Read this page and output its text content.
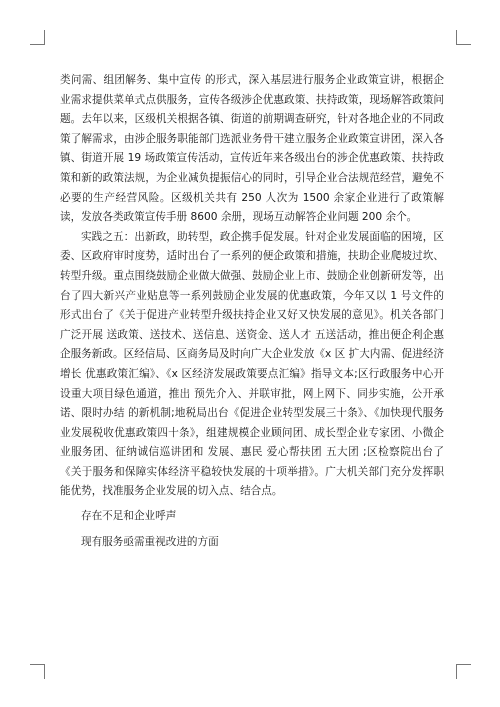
类问需、组团解务、集中宣传 的形式，深入基层进行服务企业政策宣讲，根据企业需求提供菜单式点供服务，宣传各级涉企优惠政策、扶持政策，现场解答政策问题。去年以来，区级机关根据各镇、街道的前期调查研究，针对各地企业的不同政策了解需求，由涉企服务职能部门选派业务骨干建立服务企业政策宣讲团，深入各镇、街道开展 19 场政策宣传活动，宣传近年来各级出台的涉企优惠政策、扶持政策和新的政策法规，为企业减负提振信心的同时，引导企业合法规范经营，避免不必要的生产经营风险。区级机关共有 250 人次为 1500 余家企业进行了政策解读，发放各类政策宣传手册 8600 余册，现场互动解答企业问题 200 余个。

实践之五：出新政，助转型，政企携手促发展。针对企业发展面临的困境，区委、区政府审时度势，适时出台了一系列的便企政策和措施，扶助企业爬坡过坎、转型升级。重点围绕鼓励企业做大做强、鼓励企业上市、鼓励企业创新研发等，出台了四大新兴产业贴息等一系列鼓励企业发展的优惠政策，今年又以 1 号文件的形式出台了《关于促进产业转型升级扶持企业又好又快发展的意见》。机关各部门广泛开展 送政策、送技术、送信息、送资金、送人才 五送活动，推出便企利企惠企服务新政。区经信局、区商务局及时向广大企业发放《x 区 扩大内需、促进经济增长 优惠政策汇编》、《x 区经济发展政策要点汇编》指导文本;区行政服务中心开设重大项目绿色通道，推出 预先介入、并联审批，网上网下、同步实施，公开承诺、限时办结 的新机制;地税局出台《促进企业转型发展三十条》、《加快现代服务业发展税收优惠政策四十条》，组建规模企业顾问团、成长型企业专家团、小微企业服务团、征纳诚信巡讲团和 发展、惠民 爱心帮扶团 五大团 ;区检察院出台了《关于服务和保障实体经济平稳较快发展的十项举措》。广大机关部门充分发挥职能优势，找准服务企业发展的切入点、结合点。

存在不足和企业呼声

现有服务亟需重视改进的方面
